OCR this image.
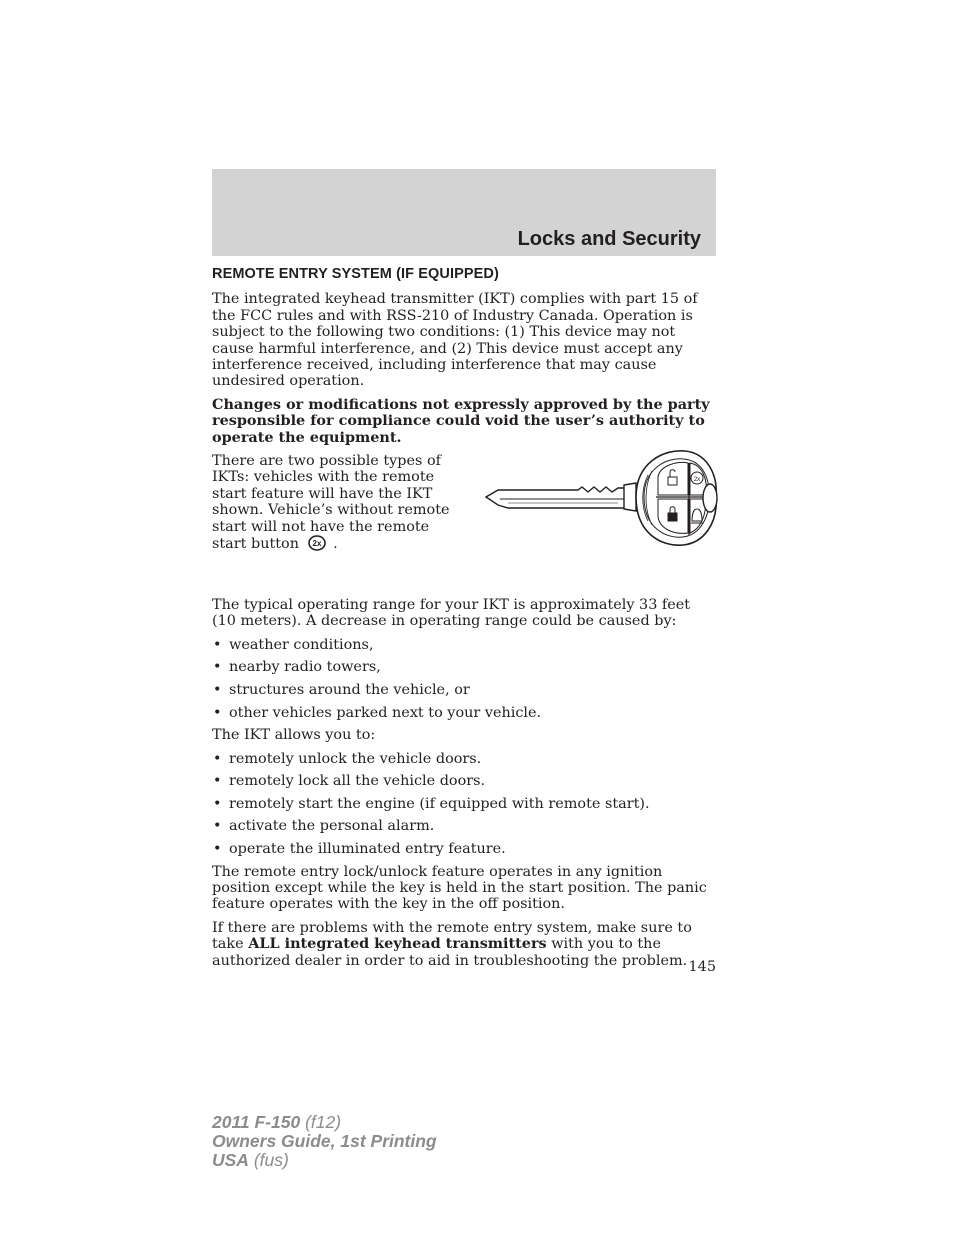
Locks and Security
REMOTE ENTRY SYSTEM (IF EQUIPPED)

The integrated keyhead transmitter (IKT) complies with part 15 of the FCC rules and with RSS-210 of Industry Canada. Operation is subject to the following two conditions: (1) This device may not cause harmful interference, and (2) This device must accept any interference received, including interference that may cause undesired operation.

Changes or modifications not expressly approved by the party responsible for compliance could void the user’s authority to operate the equipment.

There are two possible types of IKTs: vehicles with the remote start feature will have the IKT shown. Vehicle’s without remote start will not have the remote start button 2x .
2x

The typical operating range for your IKT is approximately 33 feet (10 meters). A decrease in operating range could be caused by:

• weather conditions,
• nearby radio towers,
• structures around the vehicle, or
• other vehicles parked next to your vehicle.

The IKT allows you to:

• remotely unlock the vehicle doors.
• remotely lock all the vehicle doors.
• remotely start the engine (if equipped with remote start).
• activate the personal alarm.
• operate the illuminated entry feature.

The remote entry lock/unlock feature operates in any ignition position except while the key is held in the start position. The panic feature operates with the key in the off position.

If there are problems with the remote entry system, make sure to take ALL integrated keyhead transmitters with you to the authorized dealer in order to aid in troubleshooting the problem. 145
2011 F-150 (f12)
Owners Guide, 1st Printing
USA (fus)
